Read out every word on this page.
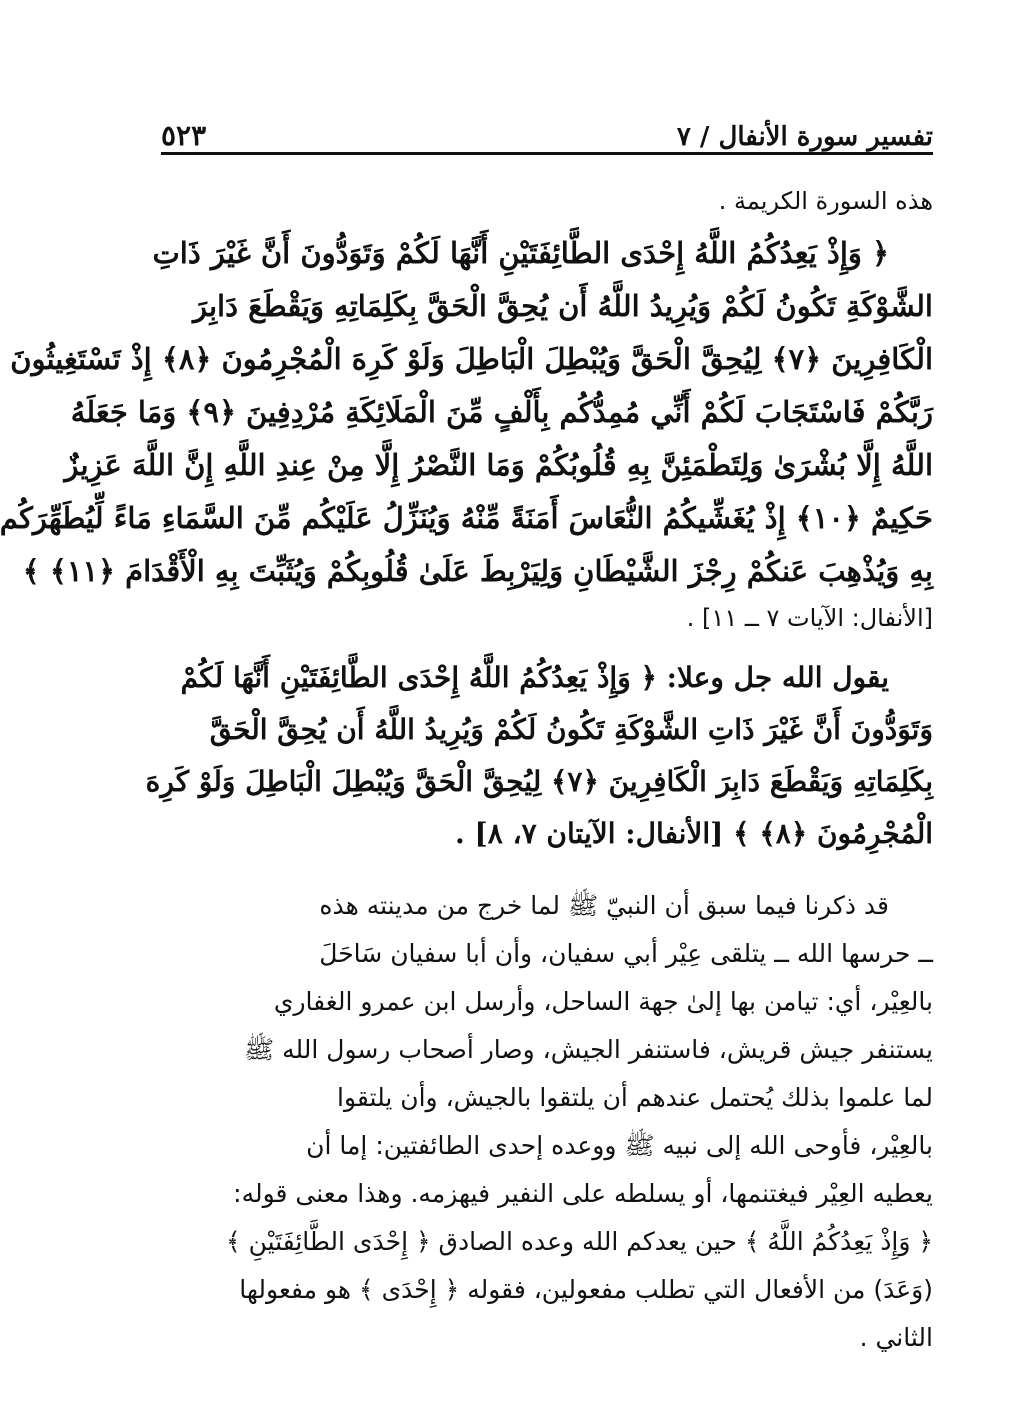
تفسير سورة الأنفال / ٧
٥٢٣

هذه السورة الكريمة .

﴿ وَإِذْ يَعِدُكُمُ اللَّهُ إِحْدَى الطَّائِفَتَيْنِ أَنَّهَا لَكُمْ وَتَوَدُّونَ أَنَّ غَيْرَ ذَاتِ

الشَّوْكَةِ تَكُونُ لَكُمْ وَيُرِيدُ اللَّهُ أَن يُحِقَّ الْحَقَّ بِكَلِمَاتِهِ وَيَقْطَعَ دَابِرَ

الْكَافِرِينَ ﴿٧﴾ لِيُحِقَّ الْحَقَّ وَيُبْطِلَ الْبَاطِلَ وَلَوْ كَرِهَ الْمُجْرِمُونَ ﴿٨﴾ إِذْ تَسْتَغِيثُونَ

رَبَّكُمْ فَاسْتَجَابَ لَكُمْ أَنِّي مُمِدُّكُم بِأَلْفٍ مِّنَ الْمَلَائِكَةِ مُرْدِفِينَ ﴿٩﴾ وَمَا جَعَلَهُ

اللَّهُ إِلَّا بُشْرَىٰ وَلِتَطْمَئِنَّ بِهِ قُلُوبُكُمْ وَمَا النَّصْرُ إِلَّا مِنْ عِندِ اللَّهِ إِنَّ اللَّهَ عَزِيزٌ

حَكِيمٌ ﴿١٠﴾ إِذْ يُغَشِّيكُمُ النُّعَاسَ أَمَنَةً مِّنْهُ وَيُنَزِّلُ عَلَيْكُم مِّنَ السَّمَاءِ مَاءً لِّيُطَهِّرَكُم

بِهِ وَيُذْهِبَ عَنكُمْ رِجْزَ الشَّيْطَانِ وَلِيَرْبِطَ عَلَىٰ قُلُوبِكُمْ وَيُثَبِّتَ بِهِ الْأَقْدَامَ ﴿١١﴾ ﴾

[الأنفال: الآيات ٧ ــ ١١] .

يقول الله جل وعلا: ﴿ وَإِذْ يَعِدُكُمُ اللَّهُ إِحْدَى الطَّائِفَتَيْنِ أَنَّهَا لَكُمْ

وَتَوَدُّونَ أَنَّ غَيْرَ ذَاتِ الشَّوْكَةِ تَكُونُ لَكُمْ وَيُرِيدُ اللَّهُ أَن يُحِقَّ الْحَقَّ

بِكَلِمَاتِهِ وَيَقْطَعَ دَابِرَ الْكَافِرِينَ ﴿٧﴾ لِيُحِقَّ الْحَقَّ وَيُبْطِلَ الْبَاطِلَ وَلَوْ كَرِهَ

الْمُجْرِمُونَ ﴿٨﴾ ﴾ [الأنفال: الآيتان ٧، ٨] .

قد ذكرنا فيما سبق أن النبيّ ﷺ لما خرج من مدينته هذه

ــ حرسها الله ــ يتلقى عِيْر أبي سفيان، وأن أبا سفيان سَاحَلَ

بالعِيْر، أي: تيامن بها إلىٰ جهة الساحل، وأرسل ابن عمرو الغفاري

يستنفر جيش قريش، فاستنفر الجيش، وصار أصحاب رسول الله ﷺ

لما علموا بذلك يُحتمل عندهم أن يلتقوا بالجيش، وأن يلتقوا

بالعِيْر، فأوحى الله إلى نبيه ﷺ ووعده إحدى الطائفتين: إما أن

يعطيه العِيْر فيغتنمها، أو يسلطه على النفير فيهزمه. وهذا معنى قوله:

﴿ وَإِذْ يَعِدُكُمُ اللَّهُ ﴾ حين يعدكم الله وعده الصادق ﴿ إِحْدَى الطَّائِفَتَيْنِ ﴾

(وَعَدَ) من الأفعال التي تطلب مفعولين، فقوله ﴿ إِحْدَى ﴾ هو مفعولها

الثاني .
